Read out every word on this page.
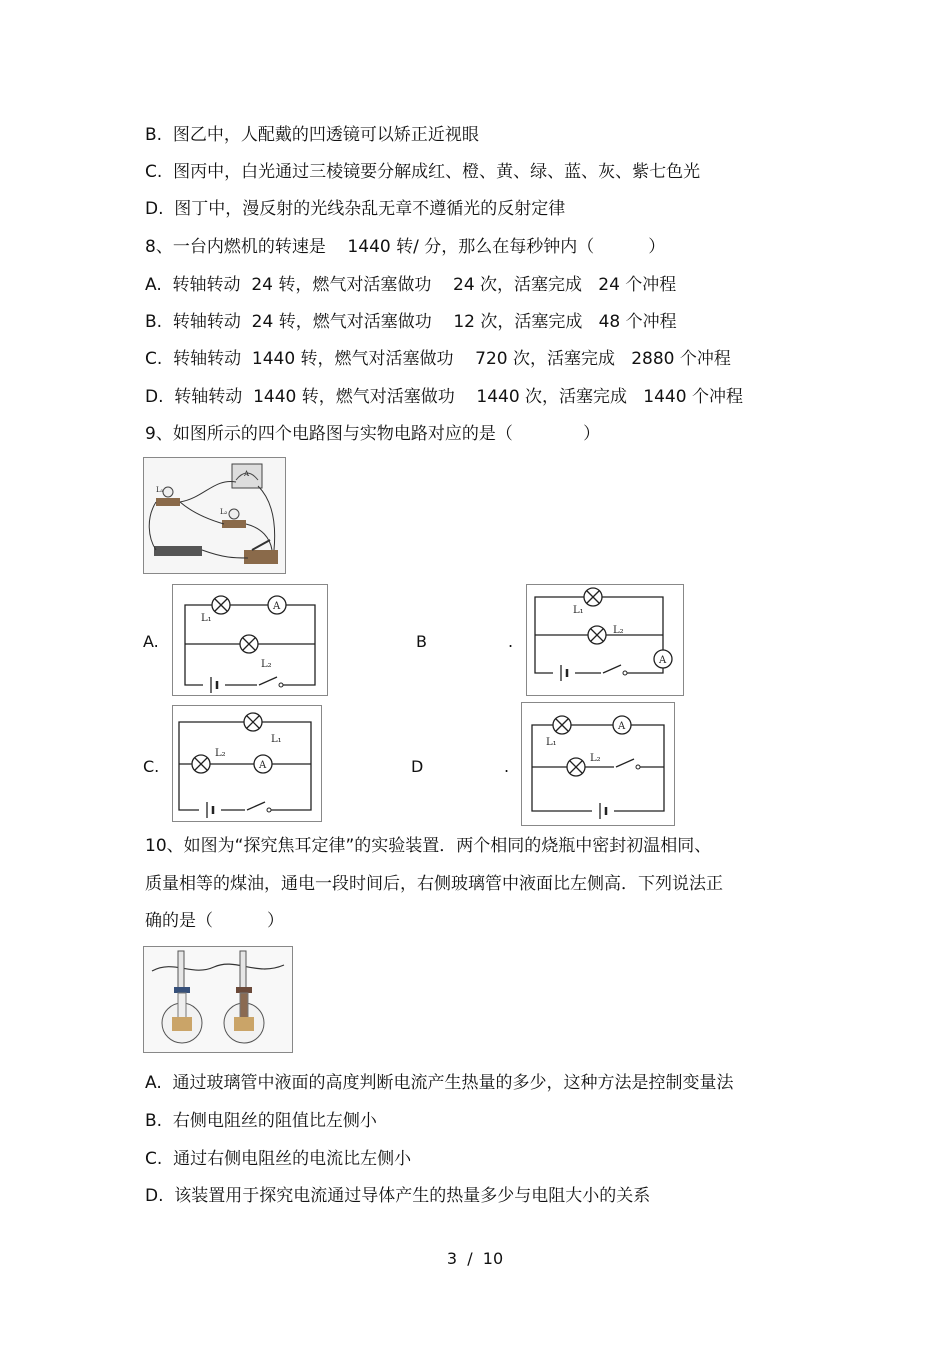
B.  图乙中，人配戴的凹透镜可以矫正近视眼
C.  图丙中，白光通过三棱镜要分解成红、橙、黄、绿、蓝、灰、紫七色光
D.  图丁中，漫反射的光线杂乱无章不遵循光的反射定律
8、一台内燃机的转速是    1440 转/ 分，那么在每秒钟内（          ）
A.  转轴转动  24 转，燃气对活塞做功    24 次，活塞完成   24 个冲程
B.  转轴转动  24 转，燃气对活塞做功    12 次，活塞完成   48 个冲程
C.  转轴转动  1440 转，燃气对活塞做功    720 次，活塞完成   2880 个冲程
D.  转轴转动  1440 转，燃气对活塞做功    1440 次，活塞完成   1440 个冲程
9、如图所示的四个电路图与实物电路对应的是（             ）
A
L₁
L₂
A.
A
L₁
L₂
B	.
A
L₁
L₂
C.	A
L₁
L₂
D	.
A
L₁
L₂
10、如图为“探究焦耳定律”的实验装置．两个相同的烧瓶中密封初温相同、
质量相等的煤油，通电一段时间后，右侧玻璃管中液面比左侧高．下列说法正
确的是（          ）
A.  通过玻璃管中液面的高度判断电流产生热量的多少，这种方法是控制变量法
B.  右侧电阻丝的阻值比左侧小
C.  通过右侧电阻丝的电流比左侧小
D.  该装置用于探究电流通过导体产生的热量多少与电阻大小的关系
3  /  10
